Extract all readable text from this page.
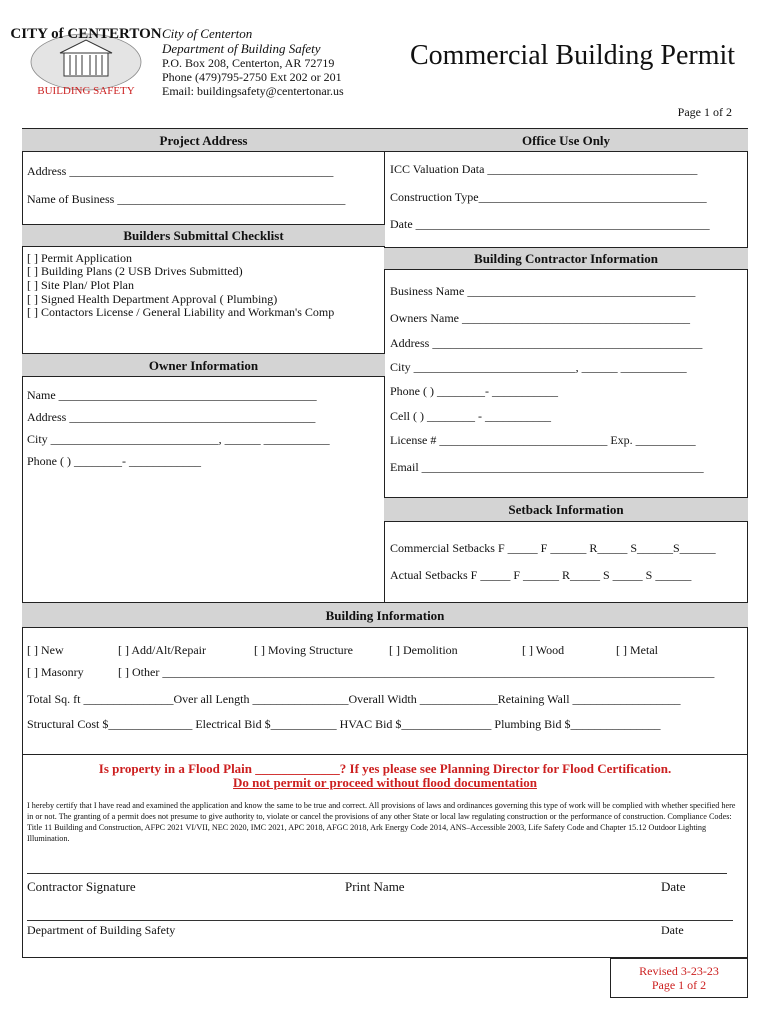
CITY of CENTERTON
BUILDING SAFETY
City of Centerton
Department of Building Safety
P.O. Box 208, Centerton, AR 72719
Phone (479)795-2750 Ext 202 or 201
Email: buildingsafety@centertonar.us
Commercial Building Permit
Page 1 of 2
Project Address
Address ____________________________________________
Name of Business ______________________________________
Office Use Only
ICC Valuation Data ___________________________________
Construction Type______________________________________
Date _________________________________________________
Builders Submittal Checklist
[ ] Permit Application
[ ] Building Plans (2 USB Drives Submitted)
[ ] Site Plan/ Plot Plan
[ ] Signed Health Department Approval ( Plumbing)
[ ] Contactors License / General Liability and Workman's Comp
Building Contractor Information
Business Name ______________________________________
Owners Name ______________________________________
Address _____________________________________________
City ___________________________, ______ ___________
Phone ( ) ________- ___________
Cell ( ) ________ - ___________
License # ____________________________ Exp. __________
Email _______________________________________________
Owner Information
Name ___________________________________________
Address _________________________________________
City ____________________________, ______ ___________
Phone ( ) ________- ____________
Setback Information
Commercial Setbacks F _____ F ______ R_____ S______S______
Actual Setbacks F _____ F ______ R_____ S _____ S ______
Building Information
[ ] New	[ ] Add/Alt/Repair	[ ] Moving Structure	[ ] Demolition	[ ] Wood	[ ] Metal
[ ] Masonry	[ ] Other ____________________________________________________________________________________________
Total Sq. ft _______________Over all Length ________________Overall Width _____________Retaining Wall __________________
Structural Cost $______________ Electrical Bid $___________ HVAC Bid $_______________ Plumbing Bid $_______________
Is property in a Flood Plain _____________? If yes please see Planning Director for Flood Certification.
Do not permit or proceed without flood documentation
I hereby certify that I have read and examined the application and know the same to be true and correct. All provisions of laws and ordinances governing this type of work will be complied with whether specified here in or not. The granting of a permit does not presume to give authority to, violate or cancel the provisions of any other State or local law regulating construction or the performance of construction. Compliance Codes: Title 11 Building and Construction, AFPC 2021 VI/VII, NEC 2020, IMC 2021, APC 2018, AFGC 2018, Ark Energy Code 2014, ANS–Accessible 2003, Life Safety Code and Chapter 15.12 Outdoor Lighting Illumination.
Contractor Signature	Print Name	Date
Department of Building Safety	Date
Revised 3-23-23
Page 1 of 2
